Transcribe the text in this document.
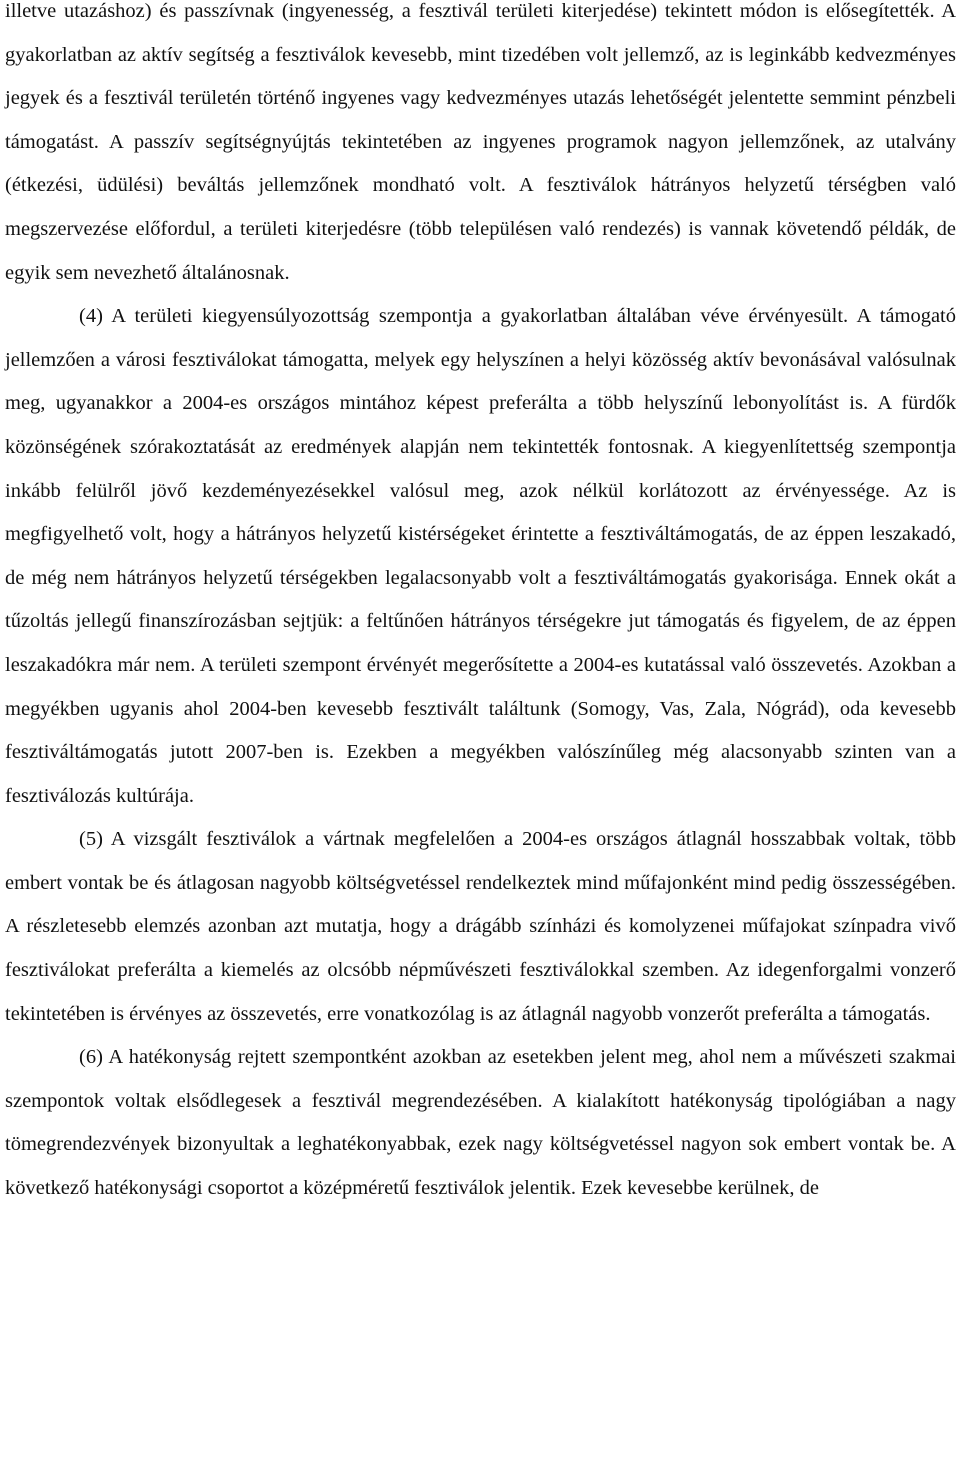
illetve utazáshoz) és passzívnak (ingyenesség, a fesztivál területi kiterjedése) tekintett módon is elősegítették. A gyakorlatban az aktív segítség a fesztiválok kevesebb, mint tizedében volt jellemző, az is leginkább kedvezményes jegyek és a fesztivál területén történő ingyenes vagy kedvezményes utazás lehetőségét jelentette semmint pénzbeli támogatást. A passzív segítségnyújtás tekintetében az ingyenes programok nagyon jellemzőnek, az utalvány (étkezési, üdülési) beváltás jellemzőnek mondható volt. A fesztiválok hátrányos helyzetű térségben való megszervezése előfordul, a területi kiterjedésre (több településen való rendezés) is vannak követendő példák, de egyik sem nevezhető általánosnak.

(4) A területi kiegyensúlyozottság szempontja a gyakorlatban általában véve érvényesült. A támogató jellemzően a városi fesztiválokat támogatta, melyek egy helyszínen a helyi közösség aktív bevonásával valósulnak meg, ugyanakkor a 2004-es országos mintához képest preferálta a több helyszínű lebonyolítást is. A fürdők közönségének szórakoztatását az eredmények alapján nem tekintették fontosnak. A kiegyenlítettség szempontja inkább felülről jövő kezdeményezésekkel valósul meg, azok nélkül korlátozott az érvényessége. Az is megfigyelhető volt, hogy a hátrányos helyzetű kistérségeket érintette a fesztiváltámogatás, de az éppen leszakadó, de még nem hátrányos helyzetű térségekben legalacsonyabb volt a fesztiváltámogatás gyakorisága. Ennek okát a tűzoltás jellegű finanszírozásban sejtjük: a feltűnően hátrányos térségekre jut támogatás és figyelem, de az éppen leszakadókra már nem. A területi szempont érvényét megerősítette a 2004-es kutatással való összevetés. Azokban a megyékben ugyanis ahol 2004-ben kevesebb fesztivált találtunk (Somogy, Vas, Zala, Nógrád), oda kevesebb fesztiváltámogatás jutott 2007-ben is. Ezekben a megyékben valószínűleg még alacsonyabb szinten van a fesztiválozás kultúrája.

(5) A vizsgált fesztiválok a vártnak megfelelően a 2004-es országos átlagnál hosszabbak voltak, több embert vontak be és átlagosan nagyobb költségvetéssel rendelkeztek mind műfajonként mind pedig összességében. A részletesebb elemzés azonban azt mutatja, hogy a drágább színházi és komolyzenei műfajokat színpadra vivő fesztiválokat preferálta a kiemelés az olcsóbb népművészeti fesztiválokkal szemben. Az idegenforgalmi vonzerő tekintetében is érvényes az összevetés, erre vonatkozólag is az átlagnál nagyobb vonzerőt preferálta a támogatás.

(6) A hatékonyság rejtett szempontként azokban az esetekben jelent meg, ahol nem a művészeti szakmai szempontok voltak elsődlegesek a fesztivál megrendezésében. A kialakított hatékonyság tipológiában a nagy tömegrendezvények bizonyultak a leghatékonyabbak, ezek nagy költségvetéssel nagyon sok embert vontak be. A következő hatékonysági csoportot a középméretű fesztiválok jelentik. Ezek kevesebbe kerülnek, de
